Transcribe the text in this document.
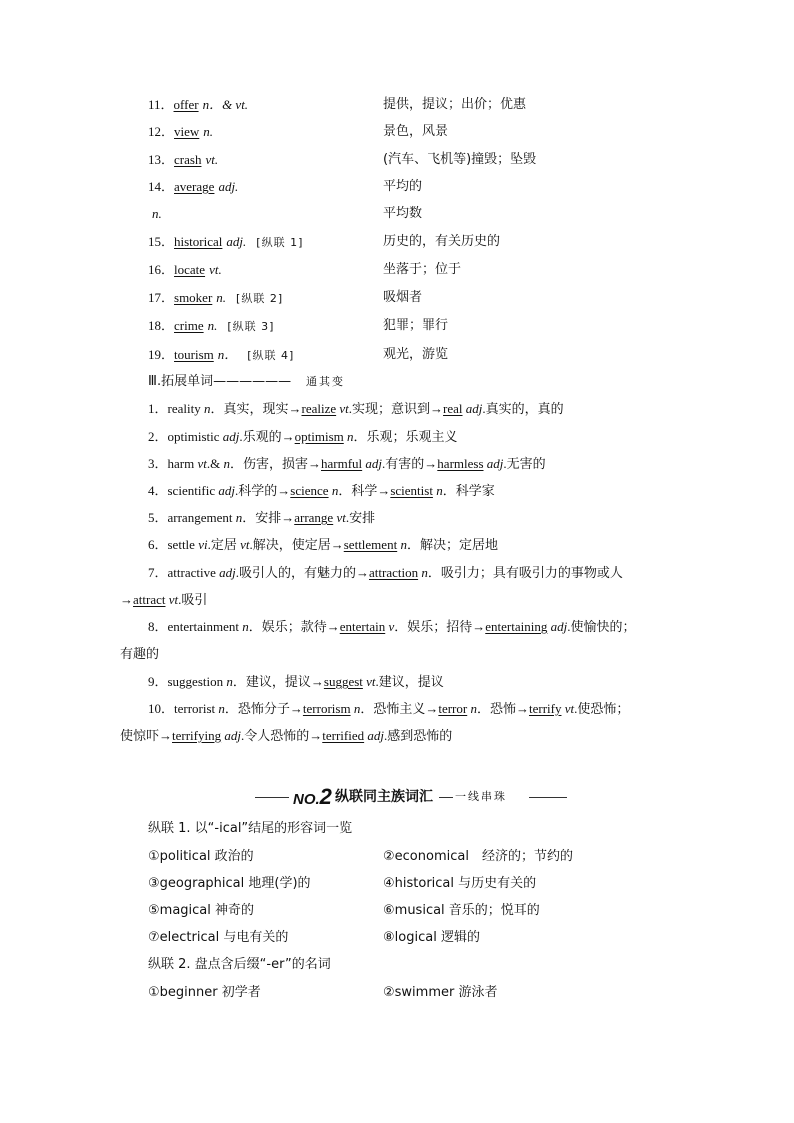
11．offer n．& vt.	提供，提议；出价；优惠
12．view n.	景色，风景
13．crash vt.	(汽车、飞机等)撞毁；坠毁
14．average adj.	平均的
n.	平均数
15．historical adj. [纵联 1]	历史的，有关历史的
16．locate vt.	坐落于；位于
17．smoker n. [纵联 2]	吸烟者
18．crime n. [纵联 3]	犯罪；罪行
19．tourism n． [纵联 4]	观光，游览
Ⅲ.拓展单词—————— 通其变
1．reality n．真实，现实→realize vt.实现；意识到→real adj.真实的，真的
2．optimistic adj.乐观的→optimism n．乐观；乐观主义
3．harm vt.& n．伤害，损害→harmful adj.有害的→harmless adj.无害的
4．scientific adj.科学的→science n．科学→scientist n．科学家
5．arrangement n．安排→arrange vt.安排
6．settle vi.定居 vt.解决，使定居→settlement n．解决；定居地
7．attractive adj.吸引人的，有魅力的→attraction n．吸引力；具有吸引力的事物或人
→attract vt.吸引
8．entertainment n．娱乐；款待→entertain v．娱乐；招待→entertaining adj.使愉快的；
有趣的
9．suggestion n．建议，提议→suggest vt.建议，提议
10．terrorist n．恐怖分子→terrorism n．恐怖主义→terror n．恐怖→terrify vt.使恐怖；
使惊吓→terrifying adj.令人恐怖的→terrified adj.感到恐怖的
NO.2 纵联同主族词汇 一线串珠
纵联 1. 以“-ical”结尾的形容词一览
①political 政治的	②economical　经济的；节约的
③geographical 地理(学)的	④historical 与历史有关的
⑤magical 神奇的	⑥musical 音乐的；悦耳的
⑦electrical 与电有关的	⑧logical 逻辑的
纵联 2. 盘点含后缀“-er”的名词
①beginner 初学者	②swimmer 游泳者
